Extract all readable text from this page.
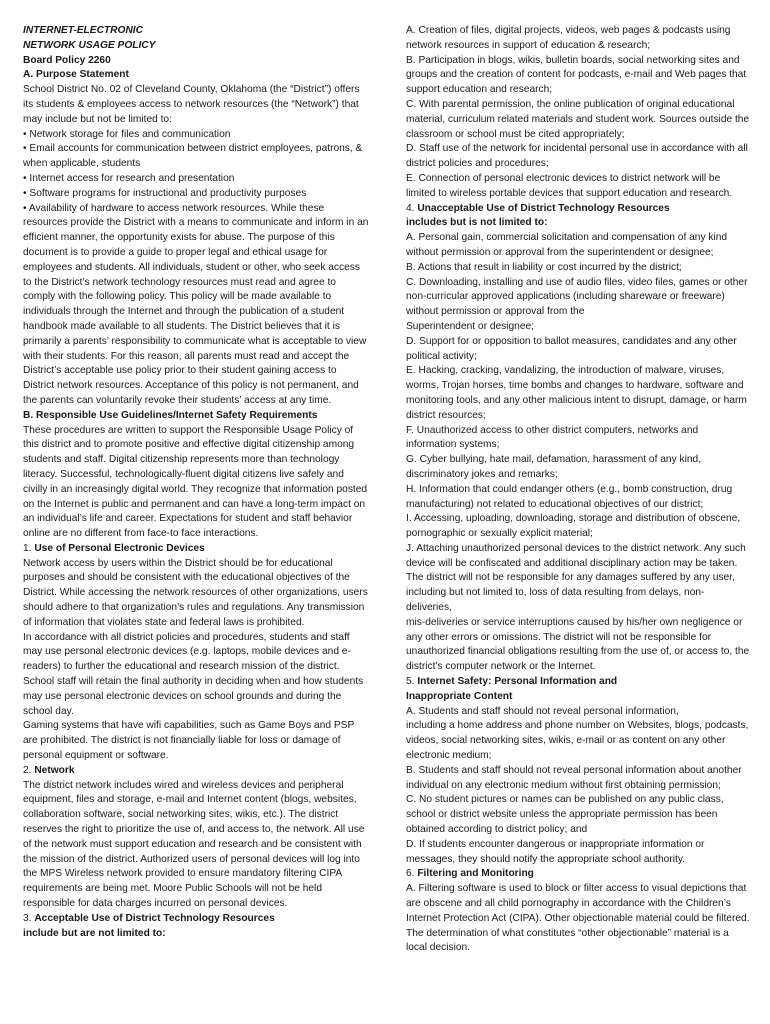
INTERNET-ELECTRONIC
NETWORK USAGE POLICY
Board Policy 2260
A. Purpose Statement
School District No. 02 of Cleveland County, Oklahoma (the “District”) offers its students & employees access to network resources (the “Network”) that may include but not be limited to:
• Network storage for files and communication
• Email accounts for communication between district employees, patrons, & when applicable, students
• Internet access for research and presentation
• Software programs for instructional and productivity purposes
• Availability of hardware to access network resources. While these resources provide the District with a means to communicate and inform in an efficient manner, the opportunity exists for abuse. The purpose of this document is to provide a guide to proper legal and ethical usage for employees and students. All individuals, student or other, who seek access to the District’s network technology resources must read and agree to comply with the following policy. This policy will be made available to individuals through the Internet and through the publication of a student handbook made available to all students. The District believes that it is primarily a parents’ responsibility to communicate what is acceptable to view with their students. For this reason, all parents must read and accept the District’s acceptable use policy prior to their student gaining access to District network resources. Acceptance of this policy is not permanent, and the parents can voluntarily revoke their students’ access at any time.
B. Responsible Use Guidelines/Internet Safety Requirements
These procedures are written to support the Responsible Usage Policy of this district and to promote positive and effective digital citizenship among students and staff. Digital citizenship represents more than technology literacy. Successful, technologically-fluent digital citizens live safely and civilly in an increasingly digital world. They recognize that information posted on the Internet is public and permanent and can have a long-term impact on an individual’s life and career. Expectations for student and staff behavior online are no different from face-to face interactions.
1. Use of Personal Electronic Devices
Network access by users within the District should be for educational purposes and should be consistent with the educational objectives of the District. While accessing the network resources of other organizations, users should adhere to that organization’s rules and regulations. Any transmission of information that violates state and federal laws is prohibited.
In accordance with all district policies and procedures, students and staff may use personal electronic devices (e.g. laptops, mobile devices and e-readers) to further the educational and research mission of the district. School staff will retain the final authority in deciding when and how students may use personal electronic devices on school grounds and during the school day.
Gaming systems that have wifi capabilities, such as Game Boys and PSP are prohibited. The district is not financially liable for loss or damage of personal equipment or software.
2. Network
The district network includes wired and wireless devices and peripheral equipment, files and storage, e-mail and Internet content (blogs, websites, collaboration software, social networking sites, wikis, etc.). The district reserves the right to prioritize the use of, and access to, the network. All use of the network must support education and research and be consistent with the mission of the district. Authorized users of personal devices will log into the MPS Wireless network provided to ensure mandatory filtering CIPA requirements are being met. Moore Public Schools will not be held responsible for data charges incurred on personal devices.
3. Acceptable Use of District Technology Resources
include but are not limited to:
A. Creation of files, digital projects, videos, web pages & podcasts using network resources in support of education & research;
B. Participation in blogs, wikis, bulletin boards, social networking sites and groups and the creation of content for podcasts, e-mail and Web pages that support education and research;
C. With parental permission, the online publication of original educational material, curriculum related materials and student work. Sources outside the classroom or school must be cited appropriately;
D. Staff use of the network for incidental personal use in accordance with all district policies and procedures;
E. Connection of personal electronic devices to district network will be limited to wireless portable devices that support education and research.
4. Unacceptable Use of District Technology Resources
includes but is not limited to:
A. Personal gain, commercial solicitation and compensation of any kind without permission or approval from the superintendent or designee;
B. Actions that result in liability or cost incurred by the district;
C. Downloading, installing and use of audio files, video files, games or other non-curricular approved applications (including shareware or freeware) without permission or approval from the
Superintendent or designee;
D. Support for or opposition to ballot measures, candidates and any other political activity;
E. Hacking, cracking, vandalizing, the introduction of malware, viruses, worms, Trojan horses, time bombs and changes to hardware, software and monitoring tools, and any other malicious intent to disrupt, damage, or harm district resources;
F. Unauthorized access to other district computers, networks and information systems;
G. Cyber bullying, hate mail, defamation, harassment of any kind, discriminatory jokes and remarks;
H. Information that could endanger others (e.g., bomb construction, drug manufacturing) not related to educational objectives of our district;
I. Accessing, uploading, downloading, storage and distribution of obscene, pornographic or sexually explicit material;
J. Attaching unauthorized personal devices to the district network. Any such device will be confiscated and additional disciplinary action may be taken. The district will not be responsible for any damages suffered by any user, including but not limited to, loss of data resulting from delays, non-deliveries,
mis-deliveries or service interruptions caused by his/her own negligence or any other errors or omissions. The district will not be responsible for unauthorized financial obligations resulting from the use of, or access to, the district’s computer network or the Internet.
5. Internet Safety: Personal Information and
Inappropriate Content
A. Students and staff should not reveal personal information,
including a home address and phone number on Websites, blogs, podcasts, videos, social networking sites, wikis, e-mail or as content on any other electronic medium;
B. Students and staff should not reveal personal information about another individual on any electronic medium without first obtaining permission;
C. No student pictures or names can be published on any public class, school or district website unless the appropriate permission has been obtained according to district policy; and
D. If students encounter dangerous or inappropriate information or messages, they should notify the appropriate school authority.
6. Filtering and Monitoring
A. Filtering software is used to block or filter access to visual depictions that are obscene and all child pornography in accordance with the Children’s Internet Protection Act (CIPA). Other objectionable material could be filtered. The determination of what constitutes “other objectionable” material is a local decision.
